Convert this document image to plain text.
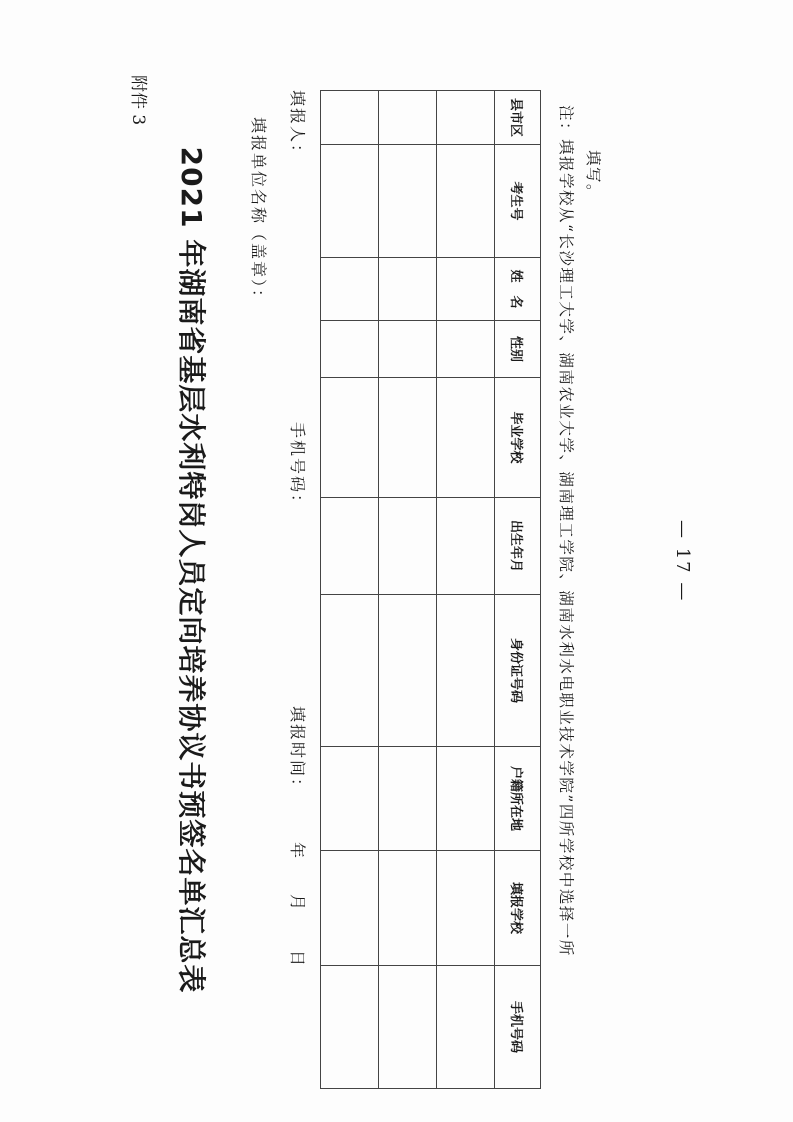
附件 3
2021 年湖南省基层水利特岗人员定向培养协议书预签名单汇总表	填报单位名称（盖章）： 填报人：
手机号码：
填报时间：
年月日
县市区	考生号	姓　名	性别	毕业学校	出生年月	身份证号码	户籍所在地	填报学校	手机号码

注：填报学校从“长沙理工大学、湖南农业大学、湖南理工学院、湖南水利水电职业技术学院”四所学校中选择一所 填写。
— 17 —
